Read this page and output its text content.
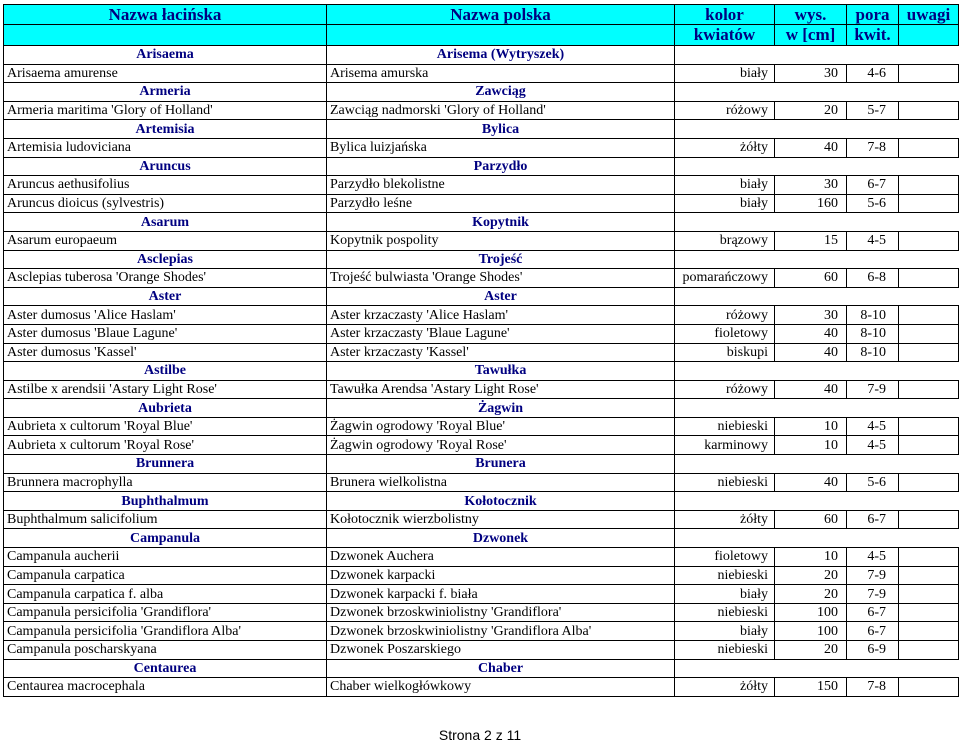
Nazwa łacińska	Nazwa polska	kolor	wys.	pora	uwagi
		kwiatów	w [cm]	kwit.	
Arisaema	Arisema (Wytryszek)				
Arisaema amurense	Arisema amurska	biały	30	4-6	
Armeria	Zawciąg				
Armeria maritima 'Glory of Holland'	Zawciąg nadmorski 'Glory of Holland'	różowy	20	5-7	
Artemisia	Bylica				
Artemisia ludoviciana	Bylica luizjańska	żółty	40	7-8	
Aruncus	Parzydło				
Aruncus aethusifolius	Parzydło blekolistne	biały	30	6-7	
Aruncus dioicus (sylvestris)	Parzydło leśne	biały	160	5-6	
Asarum	Kopytnik				
Asarum europaeum	Kopytnik pospolity	brązowy	15	4-5	
Asclepias	Trojeść				
Asclepias tuberosa 'Orange Shodes'	Trojeść bulwiasta 'Orange Shodes'	pomarańczowy	60	6-8	
Aster	Aster				
Aster dumosus 'Alice Haslam'	Aster krzaczasty 'Alice Haslam'	różowy	30	8-10	
Aster dumosus 'Blaue Lagune'	Aster krzaczasty 'Blaue Lagune'	fioletowy	40	8-10	
Aster dumosus 'Kassel'	Aster krzaczasty 'Kassel'	biskupi	40	8-10	
Astilbe	Tawułka				
Astilbe x arendsii 'Astary Light Rose'	Tawułka Arendsa 'Astary Light Rose'	różowy	40	7-9	
Aubrieta	Żagwin				
Aubrieta x cultorum 'Royal Blue'	Żagwin ogrodowy 'Royal Blue'	niebieski	10	4-5	
Aubrieta x cultorum 'Royal Rose'	Żagwin ogrodowy 'Royal Rose'	karminowy	10	4-5	
Brunnera	Brunera				
Brunnera macrophylla	Brunera wielkolistna	niebieski	40	5-6	
Buphthalmum	Kołotocznik				
Buphthalmum salicifolium	Kołotocznik wierzbolistny	żółty	60	6-7	
Campanula	Dzwonek				
Campanula aucherii	Dzwonek Auchera	fioletowy	10	4-5	
Campanula carpatica	Dzwonek karpacki	niebieski	20	7-9	
Campanula carpatica f. alba	Dzwonek karpacki f. biała	biały	20	7-9	
Campanula persicifolia 'Grandiflora'	Dzwonek brzoskwiniolistny 'Grandiflora'	niebieski	100	6-7	
Campanula persicifolia 'Grandiflora Alba'	Dzwonek brzoskwiniolistny 'Grandiflora Alba'	biały	100	6-7	
Campanula poscharskyana	Dzwonek Poszarskiego	niebieski	20	6-9	
Centaurea	Chaber				
Centaurea macrocephala	Chaber wielkogłówkowy	żółty	150	7-8	
Strona 2 z 11
